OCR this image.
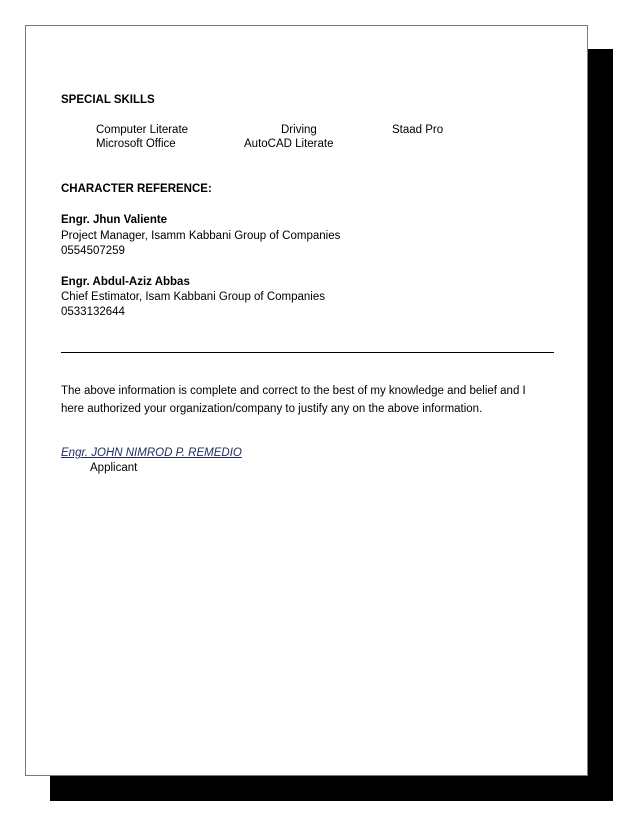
SPECIAL SKILLS
Computer Literate	Driving	Staad Pro
Microsoft Office	AutoCAD Literate
CHARACTER REFERENCE:
Engr. Jhun Valiente
Project Manager, Isamm Kabbani Group of Companies
0554507259
Engr. Abdul-Aziz Abbas
Chief Estimator, Isam Kabbani Group of Companies
0533132644
The above information is complete and correct to the best of my knowledge and belief and I
here authorized your organization/company to justify any on the above information.
Engr. JOHN NIMROD P. REMEDIO
Applicant
